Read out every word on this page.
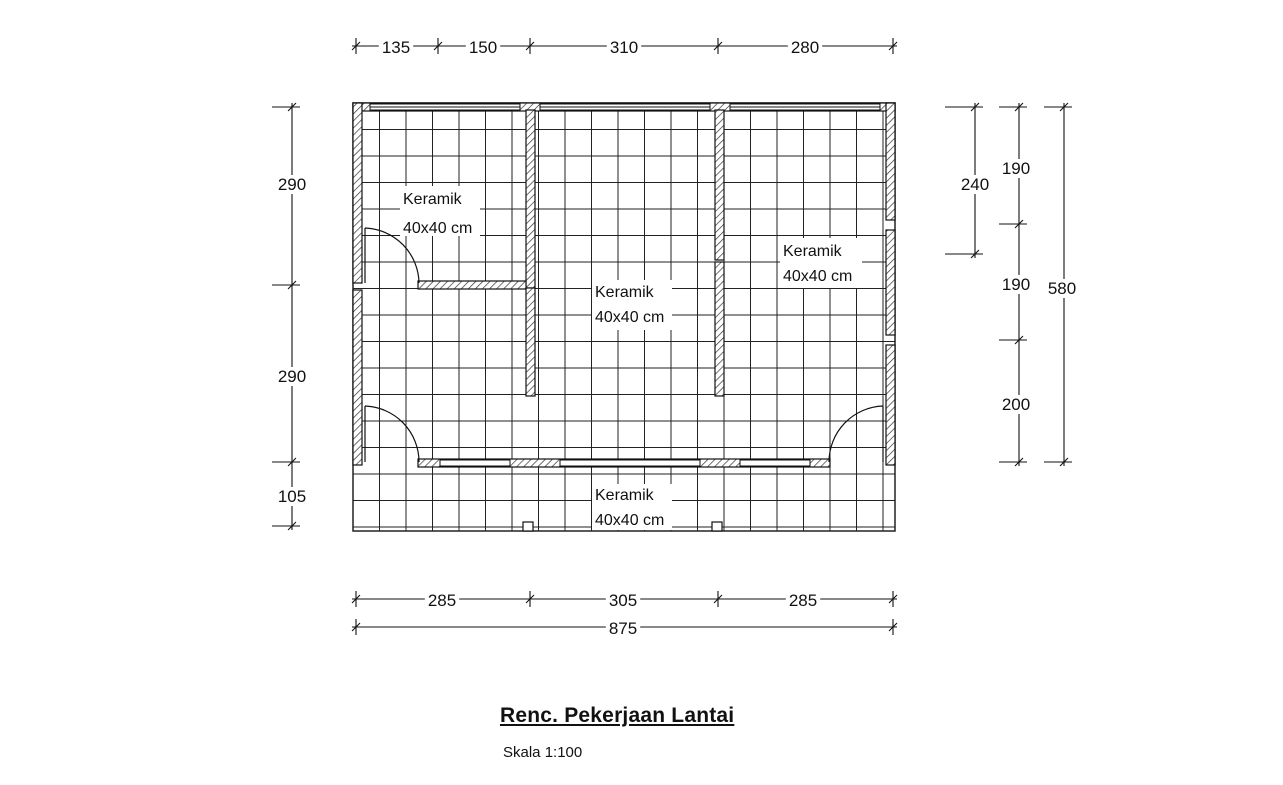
135	150	310	280
285	305	285
875
290
290
105
240
190
190
200
580
Keramik
40x40 cm
Keramik
40x40 cm
Keramik
40x40 cm
Keramik
40x40 cm
Renc. Pekerjaan Lantai
Skala 1:100
